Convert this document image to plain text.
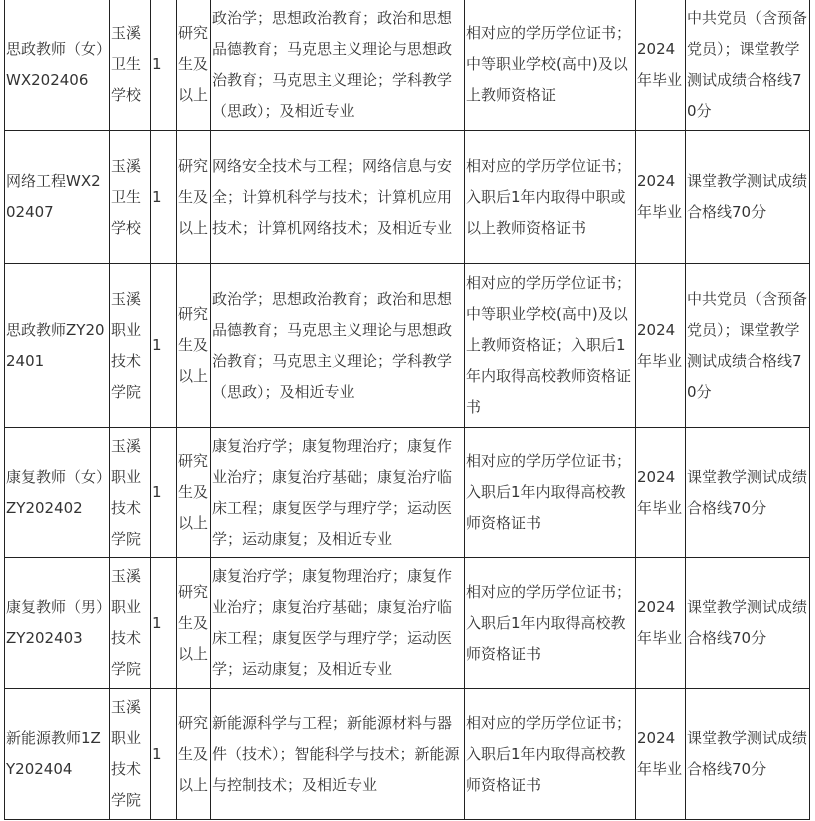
思政教师（女）WX202406	玉溪卫生学校	1	研究生及以上	政治学；思想政治教育；政治和思想品德教育；马克思主义理论与思想政治教育；马克思主义理论；学科教学（思政）；及相近专业	相对应的学历学位证书；中等职业学校(高中)及以上教师资格证	2024年毕业	中共党员（含预备党员）；课堂教学测试成绩合格线70分
网络工程WX202407	玉溪卫生学校	1	研究生及以上	网络安全技术与工程；网络信息与安全；计算机科学与技术；计算机应用技术；计算机网络技术；及相近专业	相对应的学历学位证书；入职后1年内取得中职或以上教师资格证书	2024年毕业	课堂教学测试成绩合格线70分
思政教师ZY202401	玉溪职业技术学院	1	研究生及以上	政治学；思想政治教育；政治和思想品德教育；马克思主义理论与思想政治教育；马克思主义理论；学科教学（思政）；及相近专业	相对应的学历学位证书；中等职业学校(高中)及以上教师资格证；入职后1年内取得高校教师资格证书	2024年毕业	中共党员（含预备党员）；课堂教学测试成绩合格线70分
康复教师（女）ZY202402	玉溪职业技术学院	1	研究生及以上	康复治疗学；康复物理治疗；康复作业治疗；康复治疗基础；康复治疗临床工程；康复医学与理疗学；运动医学；运动康复；及相近专业	相对应的学历学位证书；入职后1年内取得高校教师资格证书	2024年毕业	课堂教学测试成绩合格线70分
康复教师（男）ZY202403	玉溪职业技术学院	1	研究生及以上	康复治疗学；康复物理治疗；康复作业治疗；康复治疗基础；康复治疗临床工程；康复医学与理疗学；运动医学；运动康复；及相近专业	相对应的学历学位证书；入职后1年内取得高校教师资格证书	2024年毕业	课堂教学测试成绩合格线70分
新能源教师1ZY202404	玉溪职业技术学院	1	研究生及以上	新能源科学与工程；新能源材料与器件（技术）；智能科学与技术；新能源与控制技术；及相近专业	相对应的学历学位证书；入职后1年内取得高校教师资格证书	2024年毕业	课堂教学测试成绩合格线70分
